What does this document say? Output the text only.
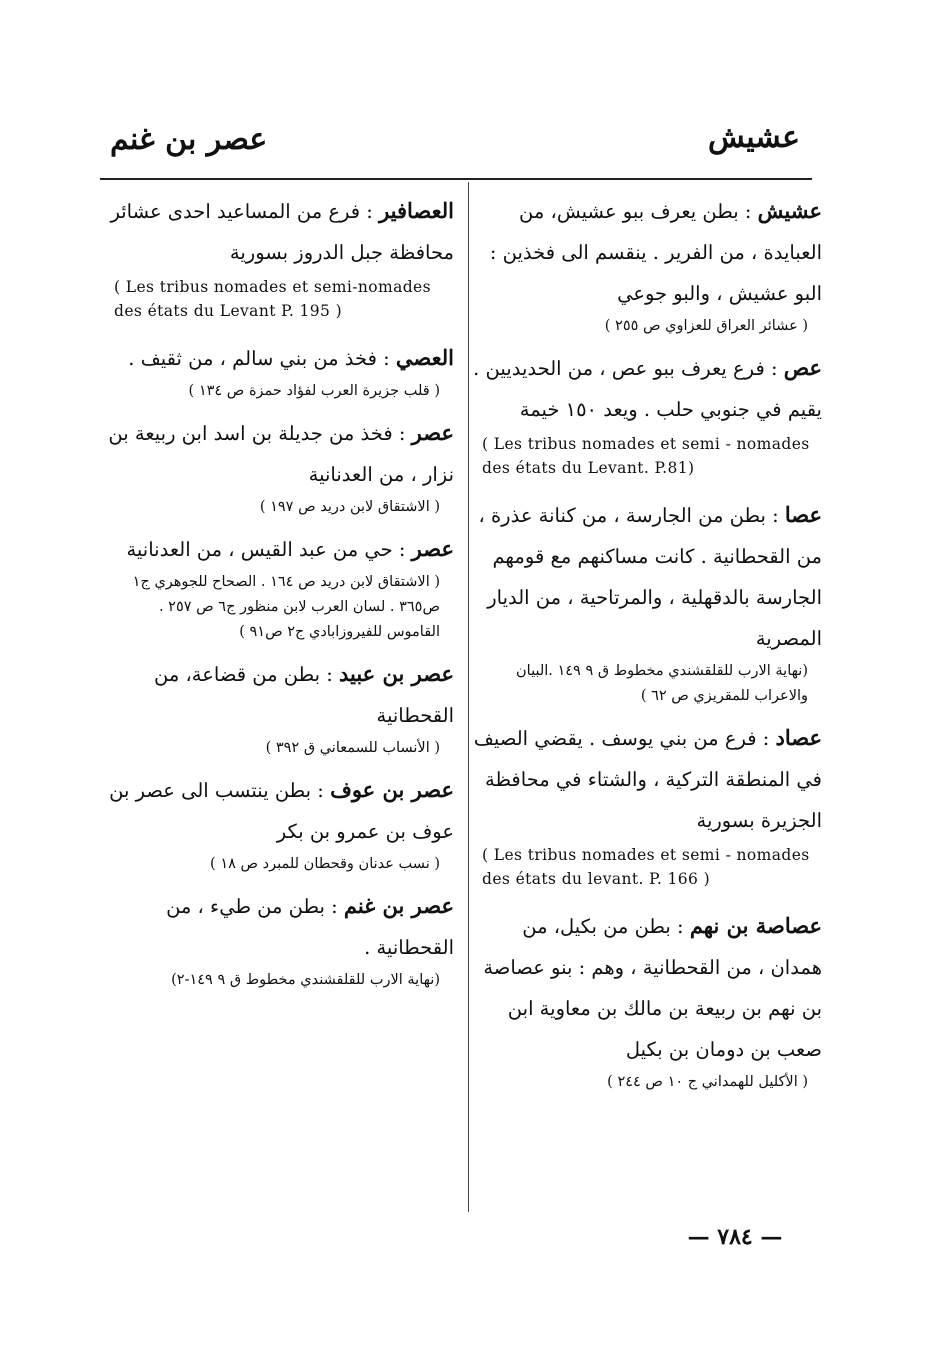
عشيش
عصر بن غنم
عشيش : بطن يعرف ببو عشيش، من العبايدة ، من الفرير . ينقسم الى فخذين : البو عشيش ، والبو جوعي
( عشائر العراق للعزاوي ص ٢٥٥ )
عص : فرع يعرف ببو عص ، من الحديديين . يقيم في جنوبي حلب . ويعد ١٥٠ خيمة
( Les tribus nomades et semi - nomades des états du Levant. P.81)
عصا : بطن من الجارسة ، من كنانة عذرة ، من القحطانية . كانت مساكنهم مع قومهم الجارسة بالدقهلية ، والمرتاحية ، من الديار المصرية
(نهاية الارب للقلقشندي مخطوط ق ٩ ١٤٩ .البيان والاعراب للمقريزي ص ٦٢ )
عصاد : فرع من بني يوسف . يقضي الصيف في المنطقة التركية ، والشتاء في محافظة الجزيرة بسورية
( Les tribus nomades et semi - nomades des états du levant. P. 166 )
عصاصة بن نهم : بطن من بكيل، من همدان ، من القحطانية ، وهم : بنو عصاصة بن نهم بن ربيعة بن مالك بن معاوية ابن صعب بن دومان بن بكيل
( الأكليل للهمداني ج ١٠ ص ٢٤٤ )
العصافير : فرع من المساعيد احدى عشائر محافظة جبل الدروز بسورية
( Les tribus nomades et semi-nomades des états du Levant P. 195 )
العصي : فخذ من بني سالم ، من ثقيف .
( قلب جزيرة العرب لفؤاد حمزة ص ١٣٤ )
عصر : فخذ من جديلة بن اسد ابن ربيعة بن نزار ، من العدنانية
( الاشتقاق لابن دريد ص ١٩٧ )
عصر : حي من عبد القيس ، من العدنانية
( الاشتقاق لابن دريد ص ١٦٤ . الصحاح للجوهري ج١ ص٣٦٥ . لسان العرب لابن منظور ج٦ ص ٢٥٧ . القاموس للفيروزابادي ج٢ ص٩١ )
عصر بن عبيد : بطن من قضاعة، من القحطانية
( الأنساب للسمعاني ق ٣٩٢ )
عصر بن عوف : بطن ينتسب الى عصر بن عوف بن عمرو بن بكر
( نسب عدنان وقحطان للمبرد ص ١٨ )
عصر بن غنم : بطن من طيء ، من القحطانية .
(نهاية الارب للقلقشندي مخطوط ق ٩ ١٤٩-٢)
— ٧٨٤ —
